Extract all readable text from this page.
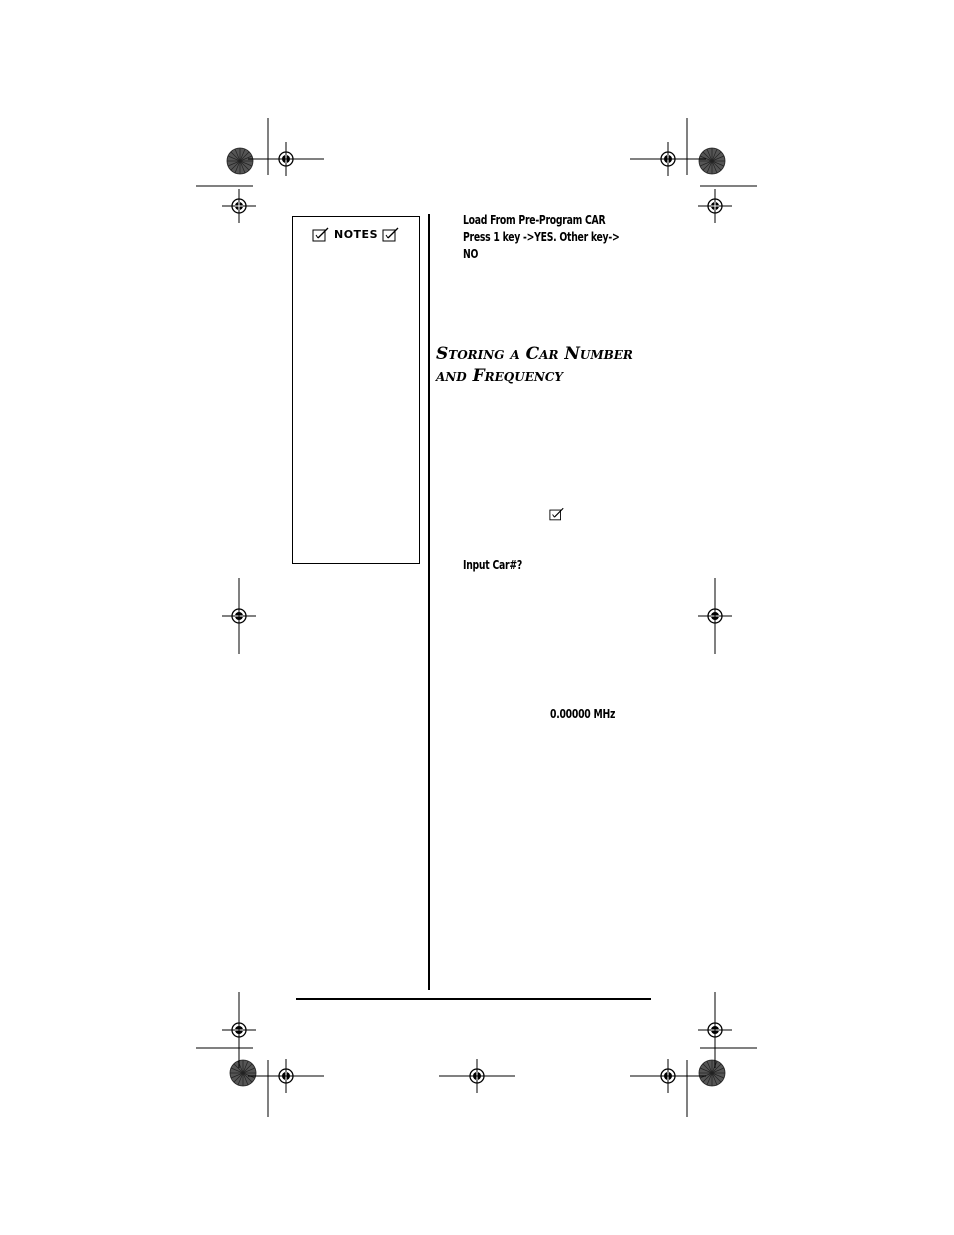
NOTES
Load From Pre-Program CAR
Press 1 key ->YES. Other key->
NO
Storing a Car Number
and Frequency
Input Car#?
0.00000 MHz
